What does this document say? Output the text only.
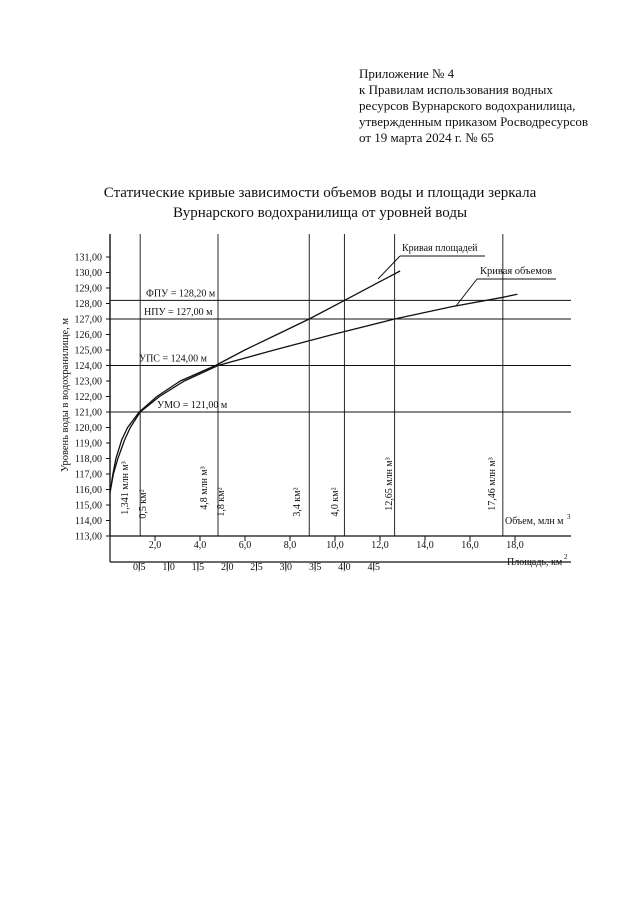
Приложение № 4
к Правилам использования водных
ресурсов Вурнарского водохранилища,
утвержденным приказом Росводресурсов
от 19 марта 2024 г. № 65
Статические кривые зависимости объемов воды и площади зеркала
Вурнарского водохранилища от уровней воды
131,00
130,00
129,00
128,00
127,00
126,00
125,00
124,00
123,00
122,00
121,00
120,00
119,00
118,00
117,00
116,00
115,00
114,00
113,00
Уровень воды в водохранилище, м
2,0	4,0	6,0	8,0	10,0	12,0	14,0	16,0	18,0
0,5 1,0 1,5 2,0 2,5 3,0 3,5 4,0 4,5
Объем, млн м 3
Площадь, км 2
ФПУ = 128,20 м
НПУ = 127,00 м
УПС = 124,00 м
УМО = 121,00 м
1,341 млн м³ 0,5 км²	4,8 млн м³ 1,8 км²	3,4 км²	4,0 км²	12,65 млн м³	17,46 млн м³
Кривая площадей
Кривая объемов
